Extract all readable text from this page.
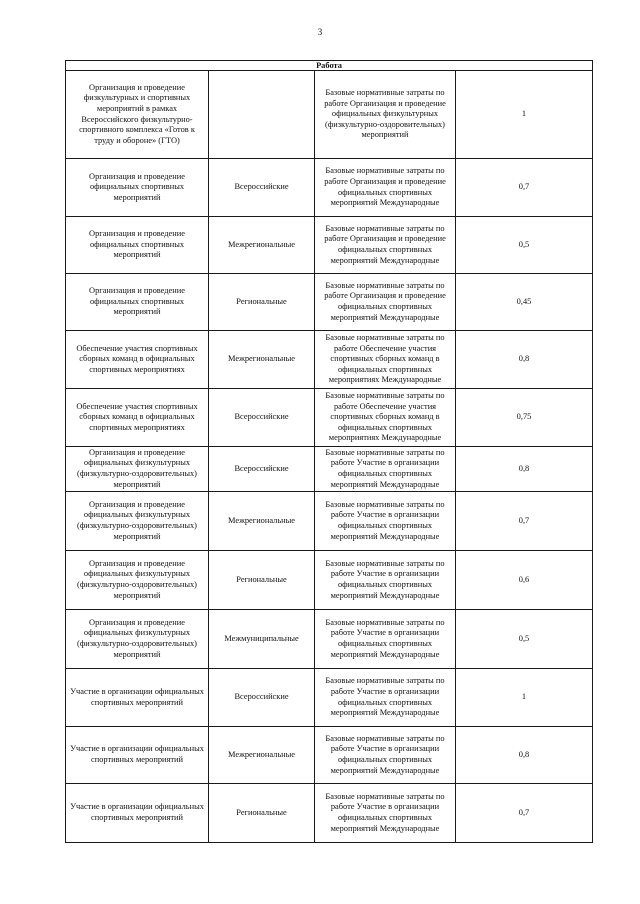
3
Работа			
Организация и проведение физкультурных и спортивных мероприятий в рамках Всероссийского физкультурно-спортивного комплекса «Готов к труду и обороне» (ГТО)		Базовые нормативные затраты по работе Организация и проведение официальных физкультурных (физкультурно-оздоровительных) мероприятий	1
Организация и проведение официальных спортивных мероприятий	Всероссийские	Базовые нормативные затраты по работе Организация и проведение официальных спортивных мероприятий Международные	0,7
Организация и проведение официальных спортивных мероприятий	Межрегиональные	Базовые нормативные затраты по работе Организация и проведение официальных спортивных мероприятий Международные	0,5
Организация и проведение официальных спортивных мероприятий	Региональные	Базовые нормативные затраты по работе Организация и проведение официальных спортивных мероприятий Международные	0,45
Обеспечение участия спортивных сборных команд в официальных спортивных мероприятиях	Межрегиональные	Базовые нормативные затраты по работе Обеспечение участия спортивных сборных команд в официальных спортивных мероприятиях Международные	0,8
Обеспечение участия спортивных сборных команд в официальных спортивных мероприятиях	Всероссийские	Базовые нормативные затраты по работе Обеспечение участия спортивных сборных команд в официальных спортивных мероприятиях Международные	0,75
Организация и проведение официальных физкультурных (физкультурно-оздоровительных) мероприятий	Всероссийские	Базовые нормативные затраты по работе Участие в организации официальных спортивных мероприятий Международные	0,8
Организация и проведение официальных физкультурных (физкультурно-оздоровительных) мероприятий	Межрегиональные	Базовые нормативные затраты по работе Участие в организации официальных спортивных мероприятий Международные	0,7
Организация и проведение официальных физкультурных (физкультурно-оздоровительных) мероприятий	Региональные	Базовые нормативные затраты по работе Участие в организации официальных спортивных мероприятий Международные	0,6
Организация и проведение официальных физкультурных (физкультурно-оздоровительных) мероприятий	Межмуниципальные	Базовые нормативные затраты по работе Участие в организации официальных спортивных мероприятий Международные	0,5
Участие в организации официальных спортивных мероприятий	Всероссийские	Базовые нормативные затраты по работе Участие в организации официальных спортивных мероприятий Международные	1
Участие в организации официальных спортивных мероприятий	Межрегиональные	Базовые нормативные затраты по работе Участие в организации официальных спортивных мероприятий Международные	0,8
Участие в организации официальных спортивных мероприятий	Региональные	Базовые нормативные затраты по работе Участие в организации официальных спортивных мероприятий Международные	0,7
